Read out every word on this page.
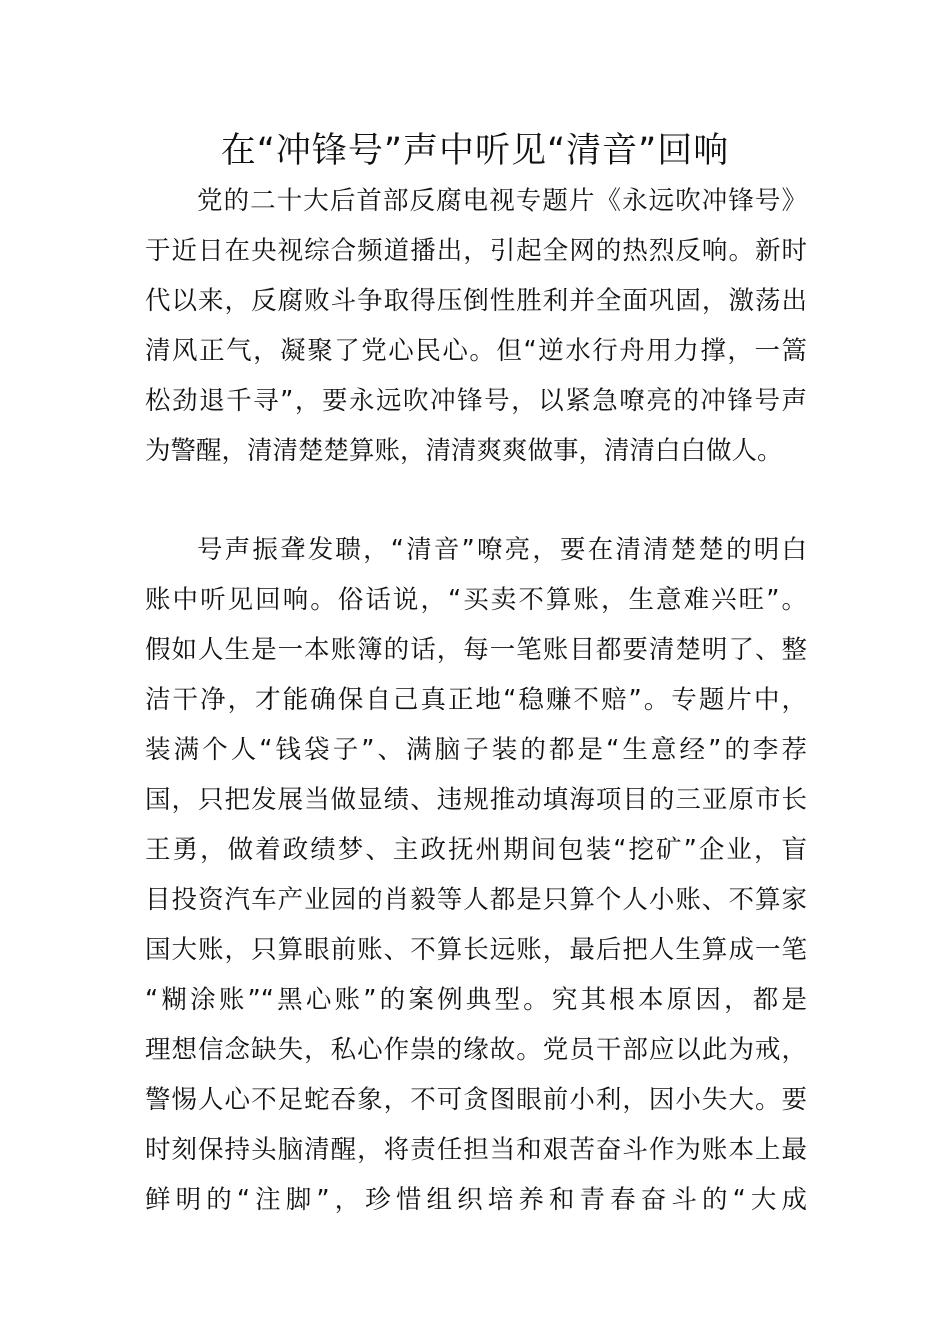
在“冲锋号”声中听见“清音”回响
党的二十大后首部反腐电视专题片《永远吹冲锋号》
于近日在央视综合频道播出，引起全网的热烈反响。新时
代以来，反腐败斗争取得压倒性胜利并全面巩固，激荡出
清风正气，凝聚了党心民心。但“逆水行舟用力撑，一篙
松劲退千寻”，要永远吹冲锋号，以紧急嘹亮的冲锋号声
为警醒，清清楚楚算账，清清爽爽做事，清清白白做人。
号声振聋发聩，“清音”嘹亮，要在清清楚楚的明白
账中听见回响。俗话说，“买卖不算账，生意难兴旺”。
假如人生是一本账簿的话，每一笔账目都要清楚明了、整
洁干净，才能确保自己真正地“稳赚不赔”。专题片中，
装满个人“钱袋子”、满脑子装的都是“生意经”的李荐
国，只把发展当做显绩、违规推动填海项目的三亚原市长
王勇，做着政绩梦、主政抚州期间包装“挖矿”企业，盲
目投资汽车产业园的肖毅等人都是只算个人小账、不算家
国大账，只算眼前账、不算长远账，最后把人生算成一笔
“糊涂账”“黑心账”的案例典型。究其根本原因，都是
理想信念缺失，私心作祟的缘故。党员干部应以此为戒，
警惕人心不足蛇吞象，不可贪图眼前小利，因小失大。要
时刻保持头脑清醒，将责任担当和艰苦奋斗作为账本上最
鲜明的“注脚”，珍惜组织培养和青春奋斗的“大成
